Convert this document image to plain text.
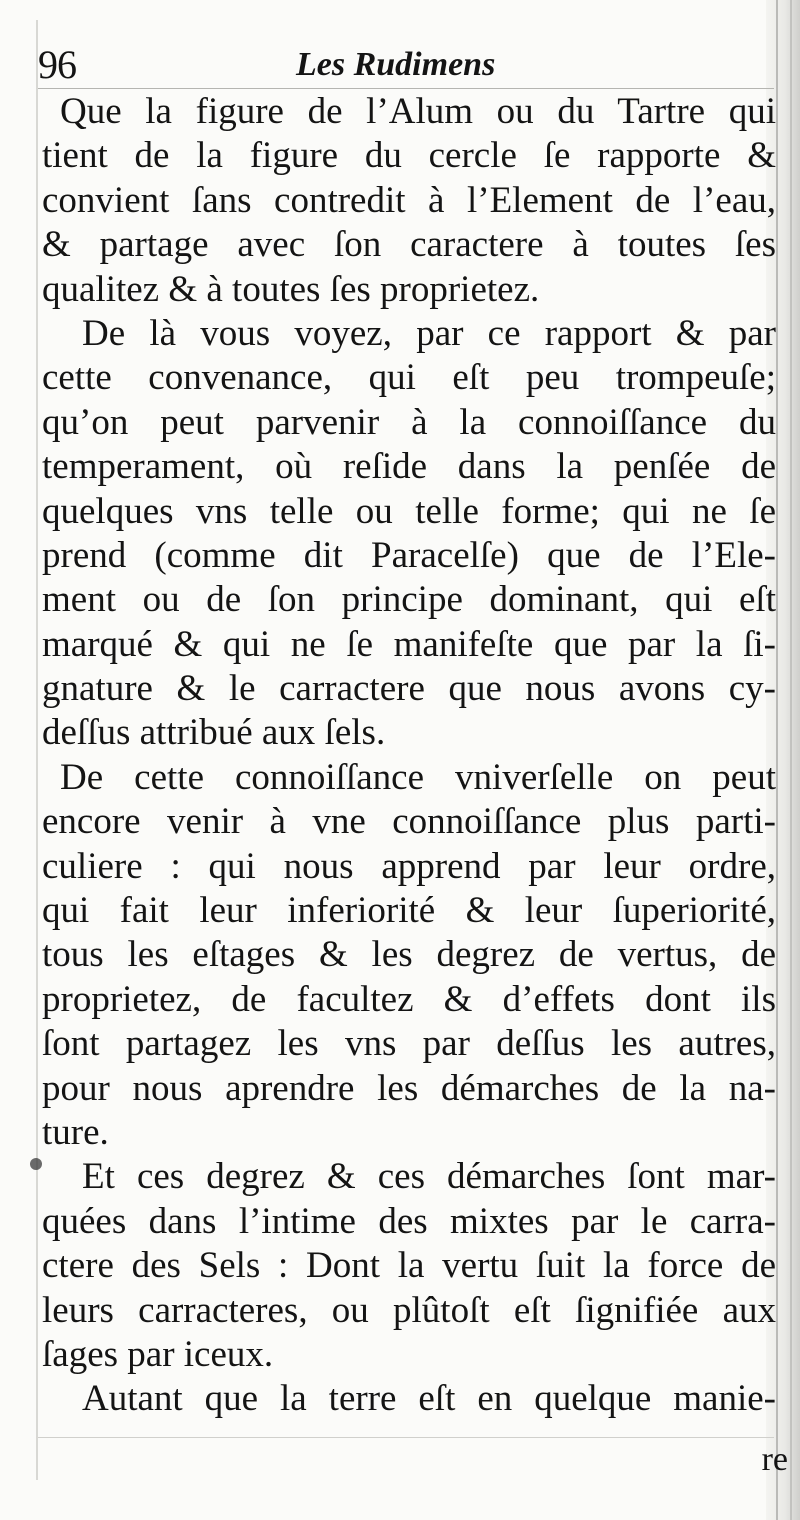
96	Les Rudimens
Que la figure de l’Alum ou du Tartre qui
tient de la figure du cercle ſe rapporte &
convient ſans contredit à l’Element de l’eau,
& partage avec ſon caractere à toutes ſes
qualitez & à toutes ſes proprietez.
De là vous voyez, par ce rapport & par
cette convenance, qui eſt peu trompeuſe;
qu’on peut parvenir à la connoiſſance du
temperament, où reſide dans la penſée de
quelques vns telle ou telle forme; qui ne ſe
prend (comme dit Paracelſe) que de l’Ele-
ment ou de ſon principe dominant, qui eſt
marqué & qui ne ſe manifeſte que par la ſi-
gnature & le carractere que nous avons cy-
deſſus attribué aux ſels.
De cette connoiſſance vniverſelle on peut
encore venir à vne connoiſſance plus parti-
culiere : qui nous apprend par leur ordre,
qui fait leur inferiorité & leur ſuperiorité,
tous les eſtages & les degrez de vertus, de
proprietez, de facultez & d’effets dont ils
ſont partagez les vns par deſſus les autres,
pour nous aprendre les démarches de la na-
ture.
Et ces degrez & ces démarches ſont mar-
quées dans l’intime des mixtes par le carra-
ctere des Sels : Dont la vertu ſuit la force de
leurs carracteres, ou plûtoſt eſt ſignifiée aux
ſages par iceux.
Autant que la terre eſt en quelque manie-
re
